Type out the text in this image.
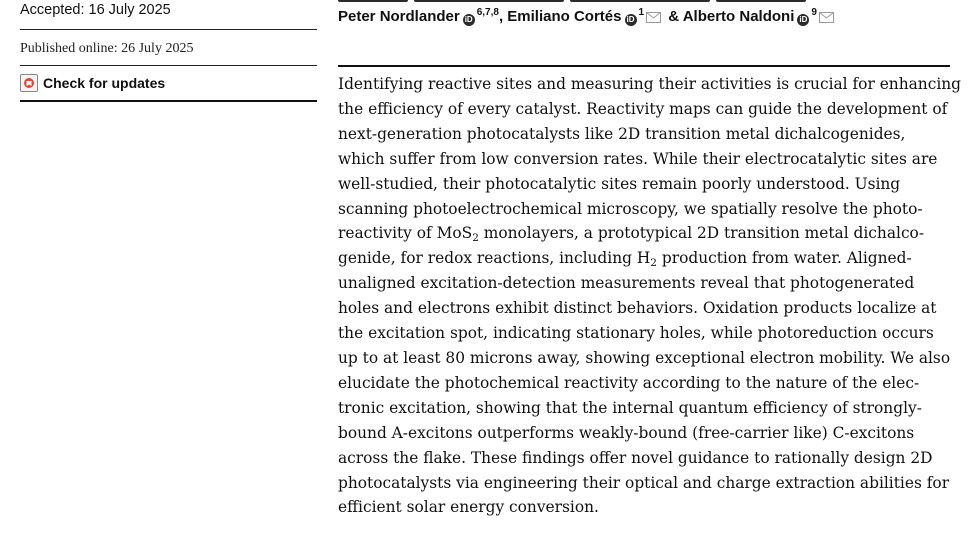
Accepted: 16 July 2025
Published online: 26 July 2025
Check for updates
Peter Nordlander iD$^{6,7,8}$, Emiliano Cortés $iD^1$ & Alberto Naldoni $iD^9$
Identifying reactive sites and measuring their activities is crucial for enhancing
the efficiency of every catalyst. Reactivity maps can guide the development of
next-generation photocatalysts like 2D transition metal dichalcogenides,
which suffer from low conversion rates. While their electrocatalytic sites are
well-studied, their photocatalytic sites remain poorly understood. Using
scanning photoelectrochemical microscopy, we spatially resolve the photo-
reactivity of MoS$_2$ monolayers, a prototypical 2D transition metal dichalco-
genide, for redox reactions, including $H_2$ production from water. Aligned-
unaligned excitation-detection measurements reveal that photogenerated
holes and electrons exhibit distinct behaviors. Oxidation products localize at
the excitation spot, indicating stationary holes, while photoreduction occurs
up to at least 80 microns away, showing exceptional electron mobility. We also
elucidate the photochemical reactivity according to the nature of the elec-
tronic excitation, showing that the internal quantum efficiency of strongly-
bound A-excitons outperforms weakly-bound (free-carrier like) C-excitons
across the flake. These findings offer novel guidance to rationally design 2D
photocatalysts via engineering their optical and charge extraction abilities for
efficient solar energy conversion.
